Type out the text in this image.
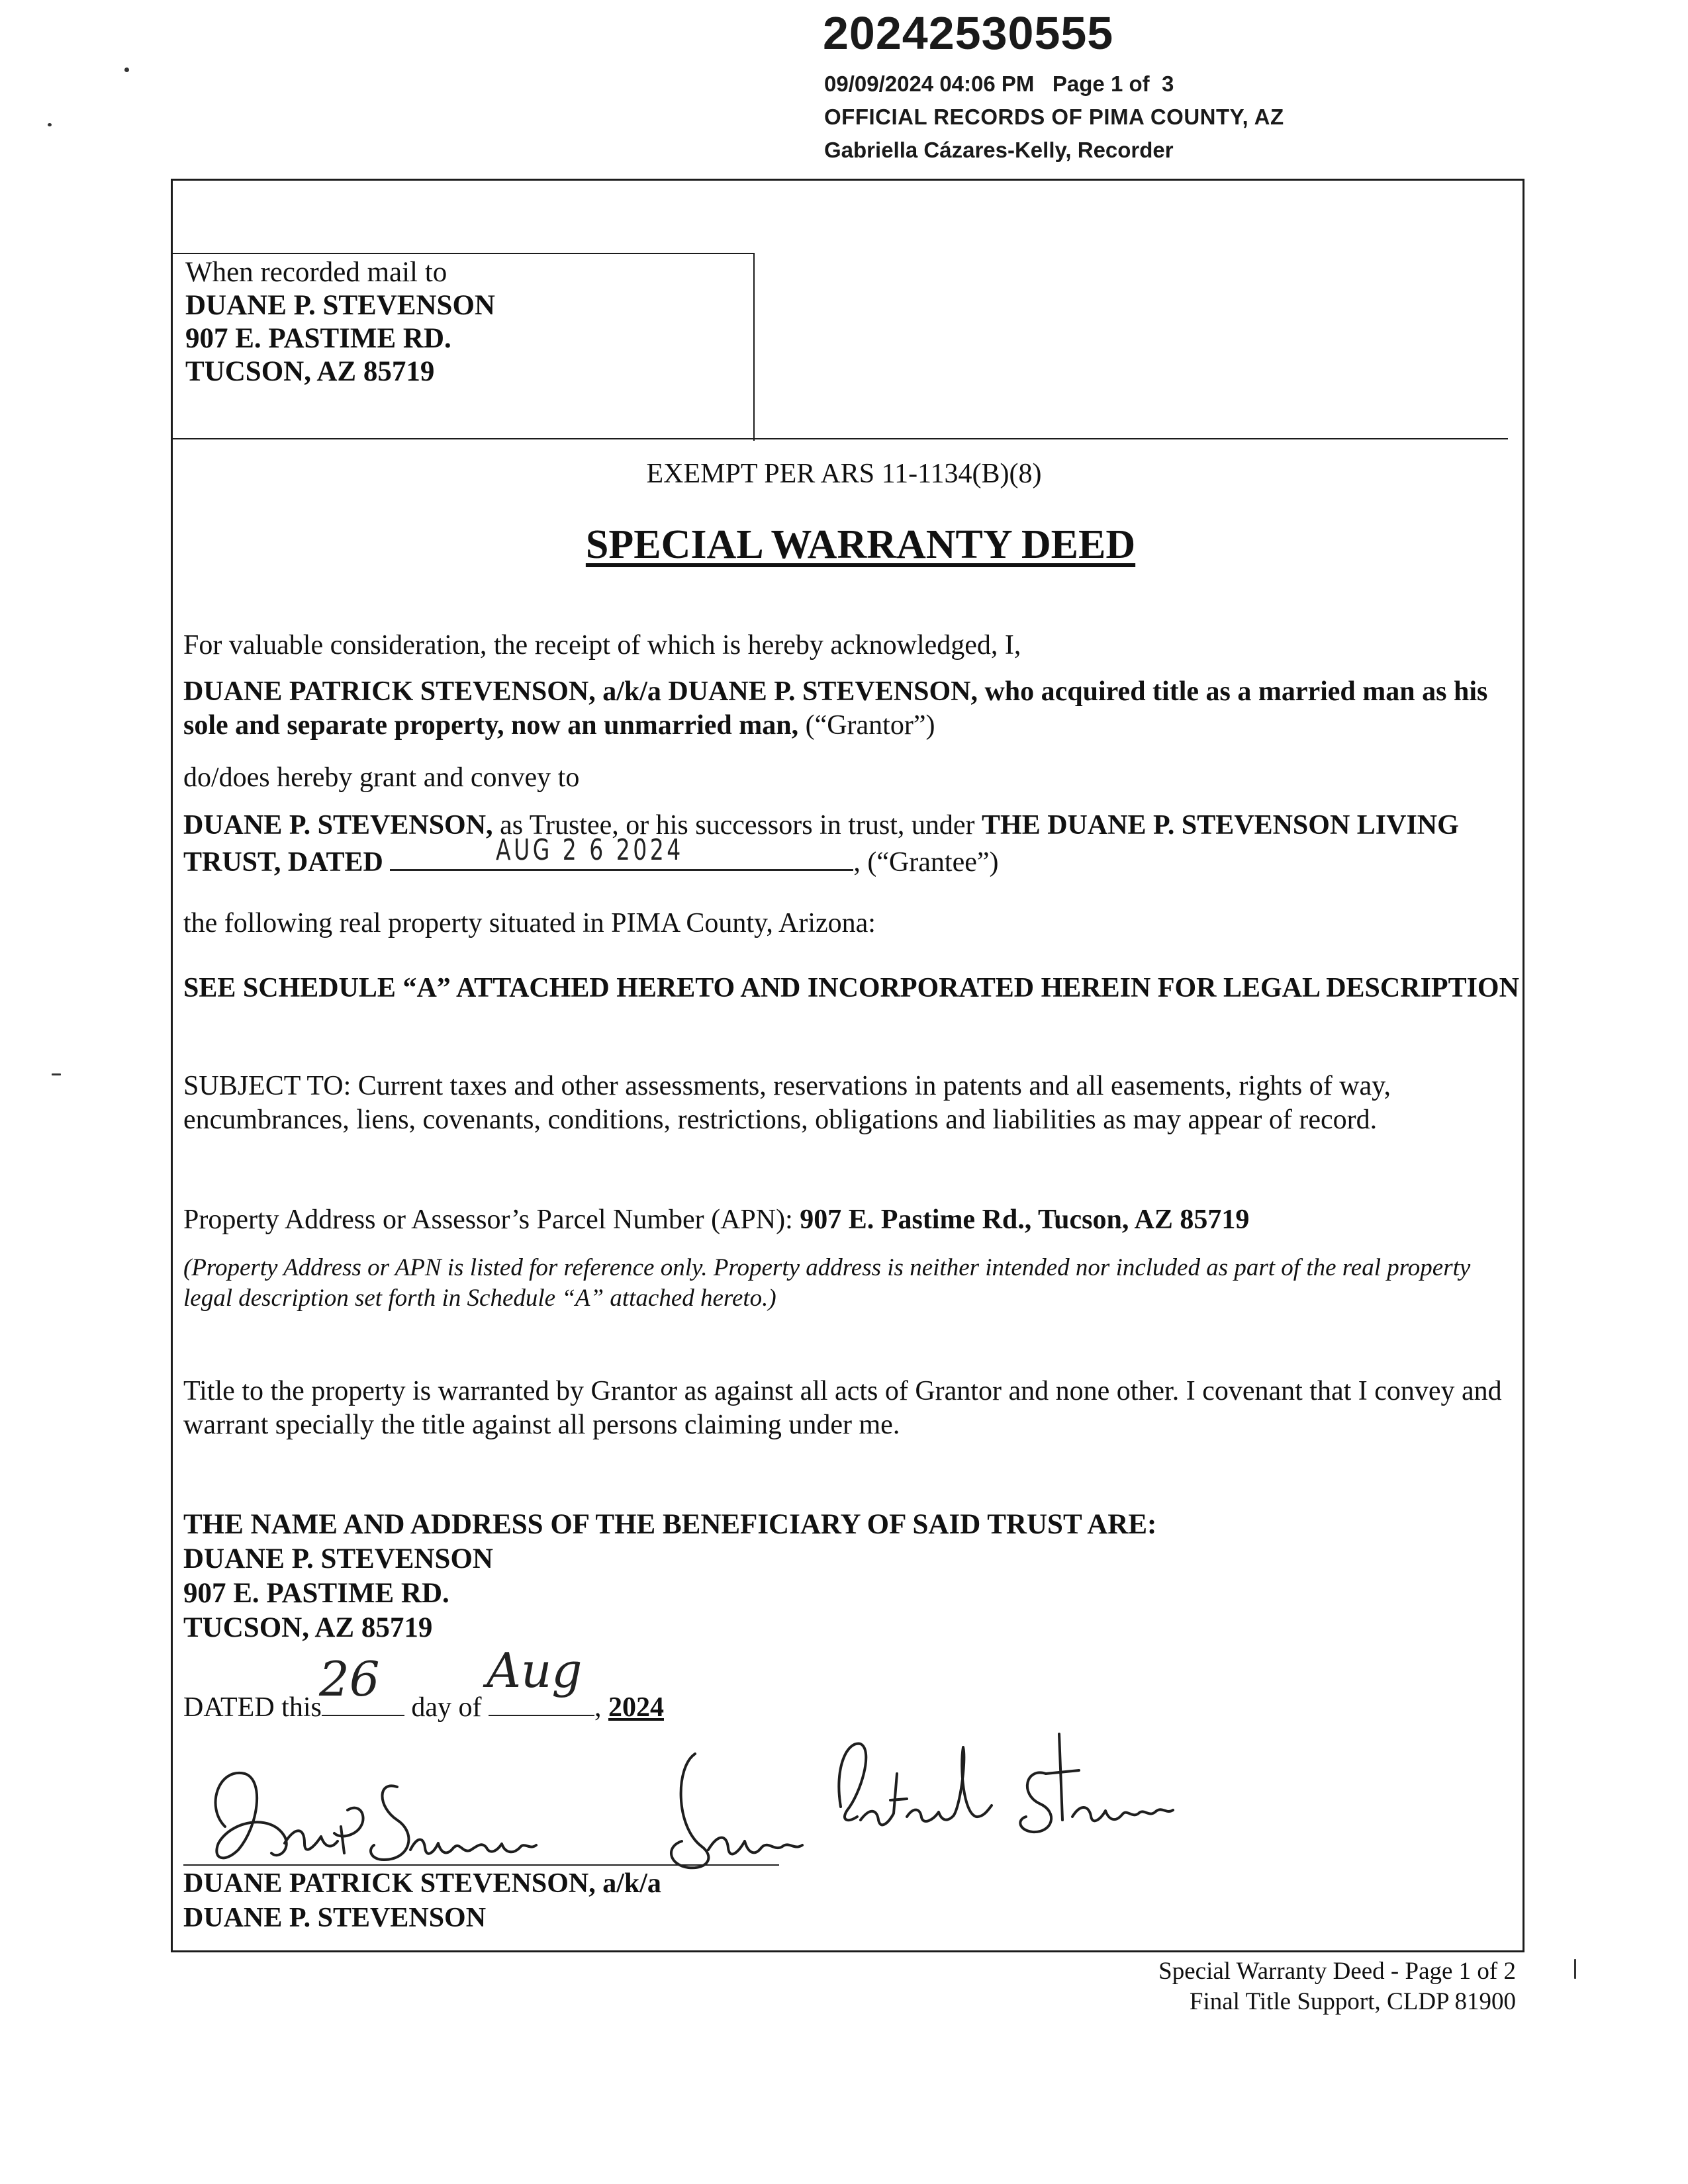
20242530555
09/09/2024 04:06 PM   Page 1 of  3
OFFICIAL RECORDS OF PIMA COUNTY, AZ
Gabriella Cázares-Kelly, Recorder
When recorded mail to
DUANE P. STEVENSON
907 E. PASTIME RD.
TUCSON, AZ 85719
EXEMPT PER ARS 11-1134(B)(8)
SPECIAL WARRANTY DEED
For valuable consideration, the receipt of which is hereby acknowledged, I,
DUANE PATRICK STEVENSON, a/k/a DUANE P. STEVENSON, who acquired title as a married man as his sole and separate property, now an unmarried man, (“Grantor”)
do/does hereby grant and convey to
DUANE P. STEVENSON, as Trustee, or his successors in trust, under THE DUANE P. STEVENSON LIVING TRUST, DATED	AUG 2 6 2024	, (“Grantee”)
the following real property situated in PIMA County, Arizona:
SEE SCHEDULE “A” ATTACHED HERETO AND INCORPORATED HEREIN FOR LEGAL DESCRIPTION
SUBJECT TO: Current taxes and other assessments, reservations in patents and all easements, rights of way, encumbrances, liens, covenants, conditions, restrictions, obligations and liabilities as may appear of record.
Property Address or Assessor’s Parcel Number (APN): 907 E. Pastime Rd., Tucson, AZ 85719
(Property Address or APN is listed for reference only. Property address is neither intended nor included as part of the real property legal description set forth in Schedule “A” attached hereto.)
Title to the property is warranted by Grantor as against all acts of Grantor and none other. I covenant that I convey and warrant specially the title against all persons claiming under me.
THE NAME AND ADDRESS OF THE BENEFICIARY OF SAID TRUST ARE:
DUANE P. STEVENSON
907 E. PASTIME RD.
TUCSON, AZ 85719
DATED this	day of	, 2024
26 Aug
DUANE PATRICK STEVENSON, a/k/a
DUANE P. STEVENSON
Special Warranty Deed - Page 1 of 2
Final Title Support, CLDP 81900
